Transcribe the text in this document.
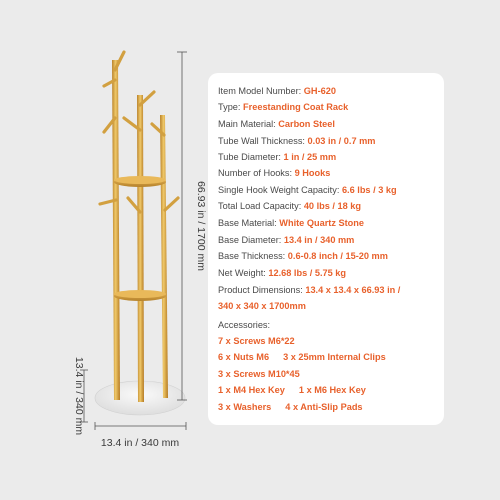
66.93 in / 1700 mm
13.4 in / 340 mm
13.4 in / 340 mm
Item Model Number: GH-620
Type: Freestanding Coat Rack
Main Material: Carbon Steel
Tube Wall Thickness: 0.03 in / 0.7 mm
Tube Diameter: 1 in / 25 mm
Number of Hooks: 9 Hooks
Single Hook Weight Capacity: 6.6 lbs / 3 kg
Total Load Capacity: 40 lbs / 18 kg
Base Material: White Quartz Stone
Base Diameter: 13.4 in / 340 mm
Base Thickness: 0.6-0.8 inch / 15-20 mm
Net Weight: 12.68 lbs / 5.75 kg
Product Dimensions: 13.4 x 13.4 x 66.93 in /
340 x 340 x 1700mm
Accessories:
7 x Screws M6*22
6 x Nuts M6 3 x 25mm Internal Clips
3 x Screws M10*45
1 x M4 Hex Key 1 x M6 Hex Key
3 x Washers 4 x Anti-Slip Pads
